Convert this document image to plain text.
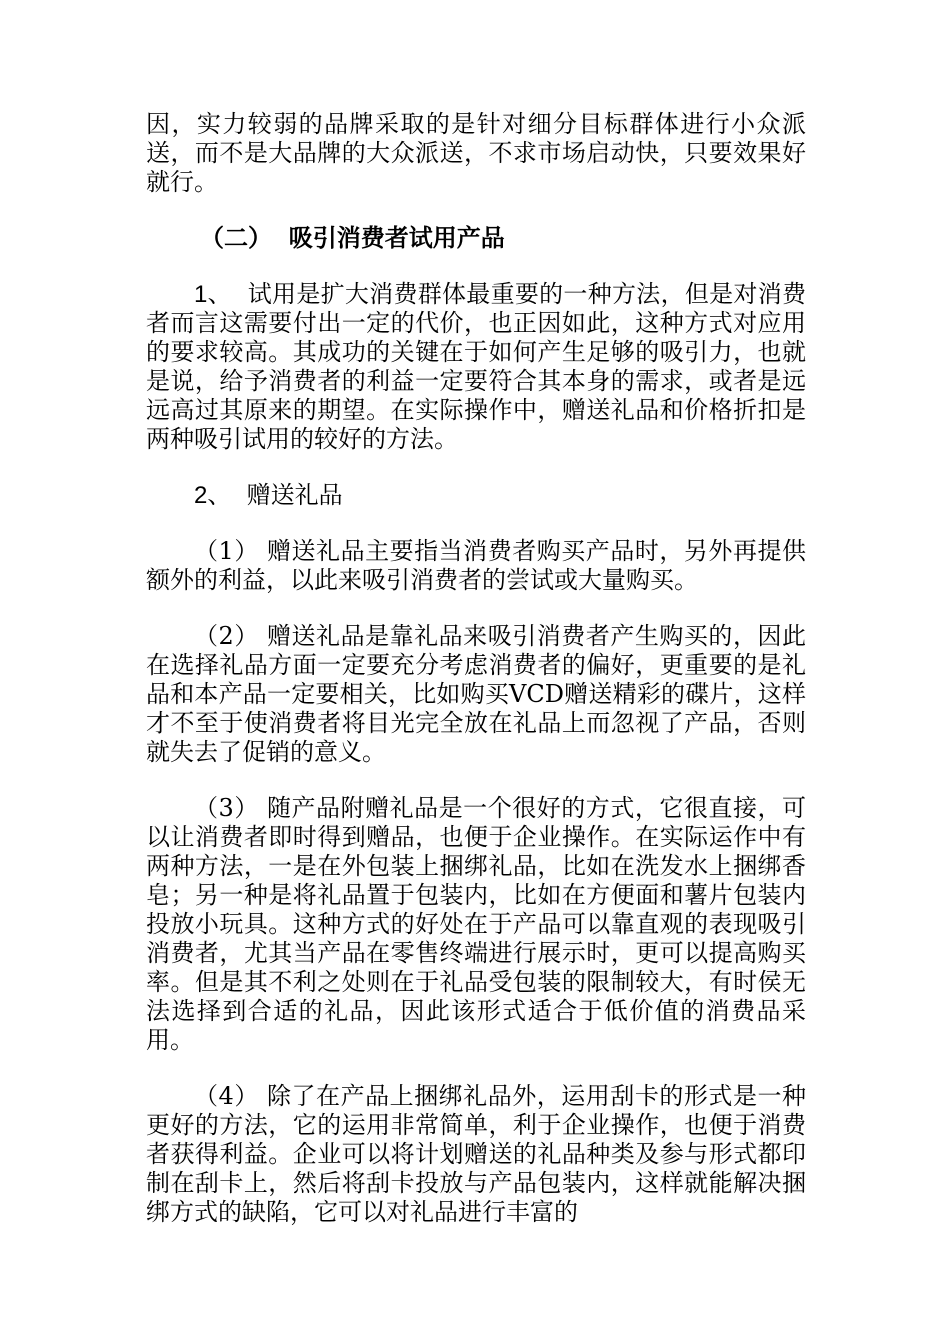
因，实力较弱的品牌采取的是针对细分目标群体进行小众派送，而不是大品牌的大众派送，不求市场启动快，只要效果好就行。

（二） 吸引消费者试用产品

1、 试用是扩大消费群体最重要的一种方法，但是对消费者而言这需要付出一定的代价，也正因如此，这种方式对应用的要求较高。其成功的关键在于如何产生足够的吸引力，也就是说，给予消费者的利益一定要符合其本身的需求，或者是远远高过其原来的期望。在实际操作中，赠送礼品和价格折扣是两种吸引试用的较好的方法。

2、 赠送礼品

（1） 赠送礼品主要指当消费者购买产品时，另外再提供额外的利益，以此来吸引消费者的尝试或大量购买。

（2） 赠送礼品是靠礼品来吸引消费者产生购买的，因此在选择礼品方面一定要充分考虑消费者的偏好，更重要的是礼品和本产品一定要相关，比如购买VCD赠送精彩的碟片，这样才不至于使消费者将目光完全放在礼品上而忽视了产品，否则就失去了促销的意义。

（3） 随产品附赠礼品是一个很好的方式，它很直接，可以让消费者即时得到赠品，也便于企业操作。在实际运作中有两种方法，一是在外包装上捆绑礼品，比如在洗发水上捆绑香皂；另一种是将礼品置于包装内，比如在方便面和薯片包装内投放小玩具。这种方式的好处在于产品可以靠直观的表现吸引消费者，尤其当产品在零售终端进行展示时，更可以提高购买率。但是其不利之处则在于礼品受包装的限制较大，有时侯无法选择到合适的礼品，因此该形式适合于低价值的消费品采用。

（4） 除了在产品上捆绑礼品外，运用刮卡的形式是一种更好的方法，它的运用非常简单，利于企业操作，也便于消费者获得利益。企业可以将计划赠送的礼品种类及参与形式都印制在刮卡上，然后将刮卡投放与产品包装内，这样就能解决捆绑方式的缺陷，它可以对礼品进行丰富的
